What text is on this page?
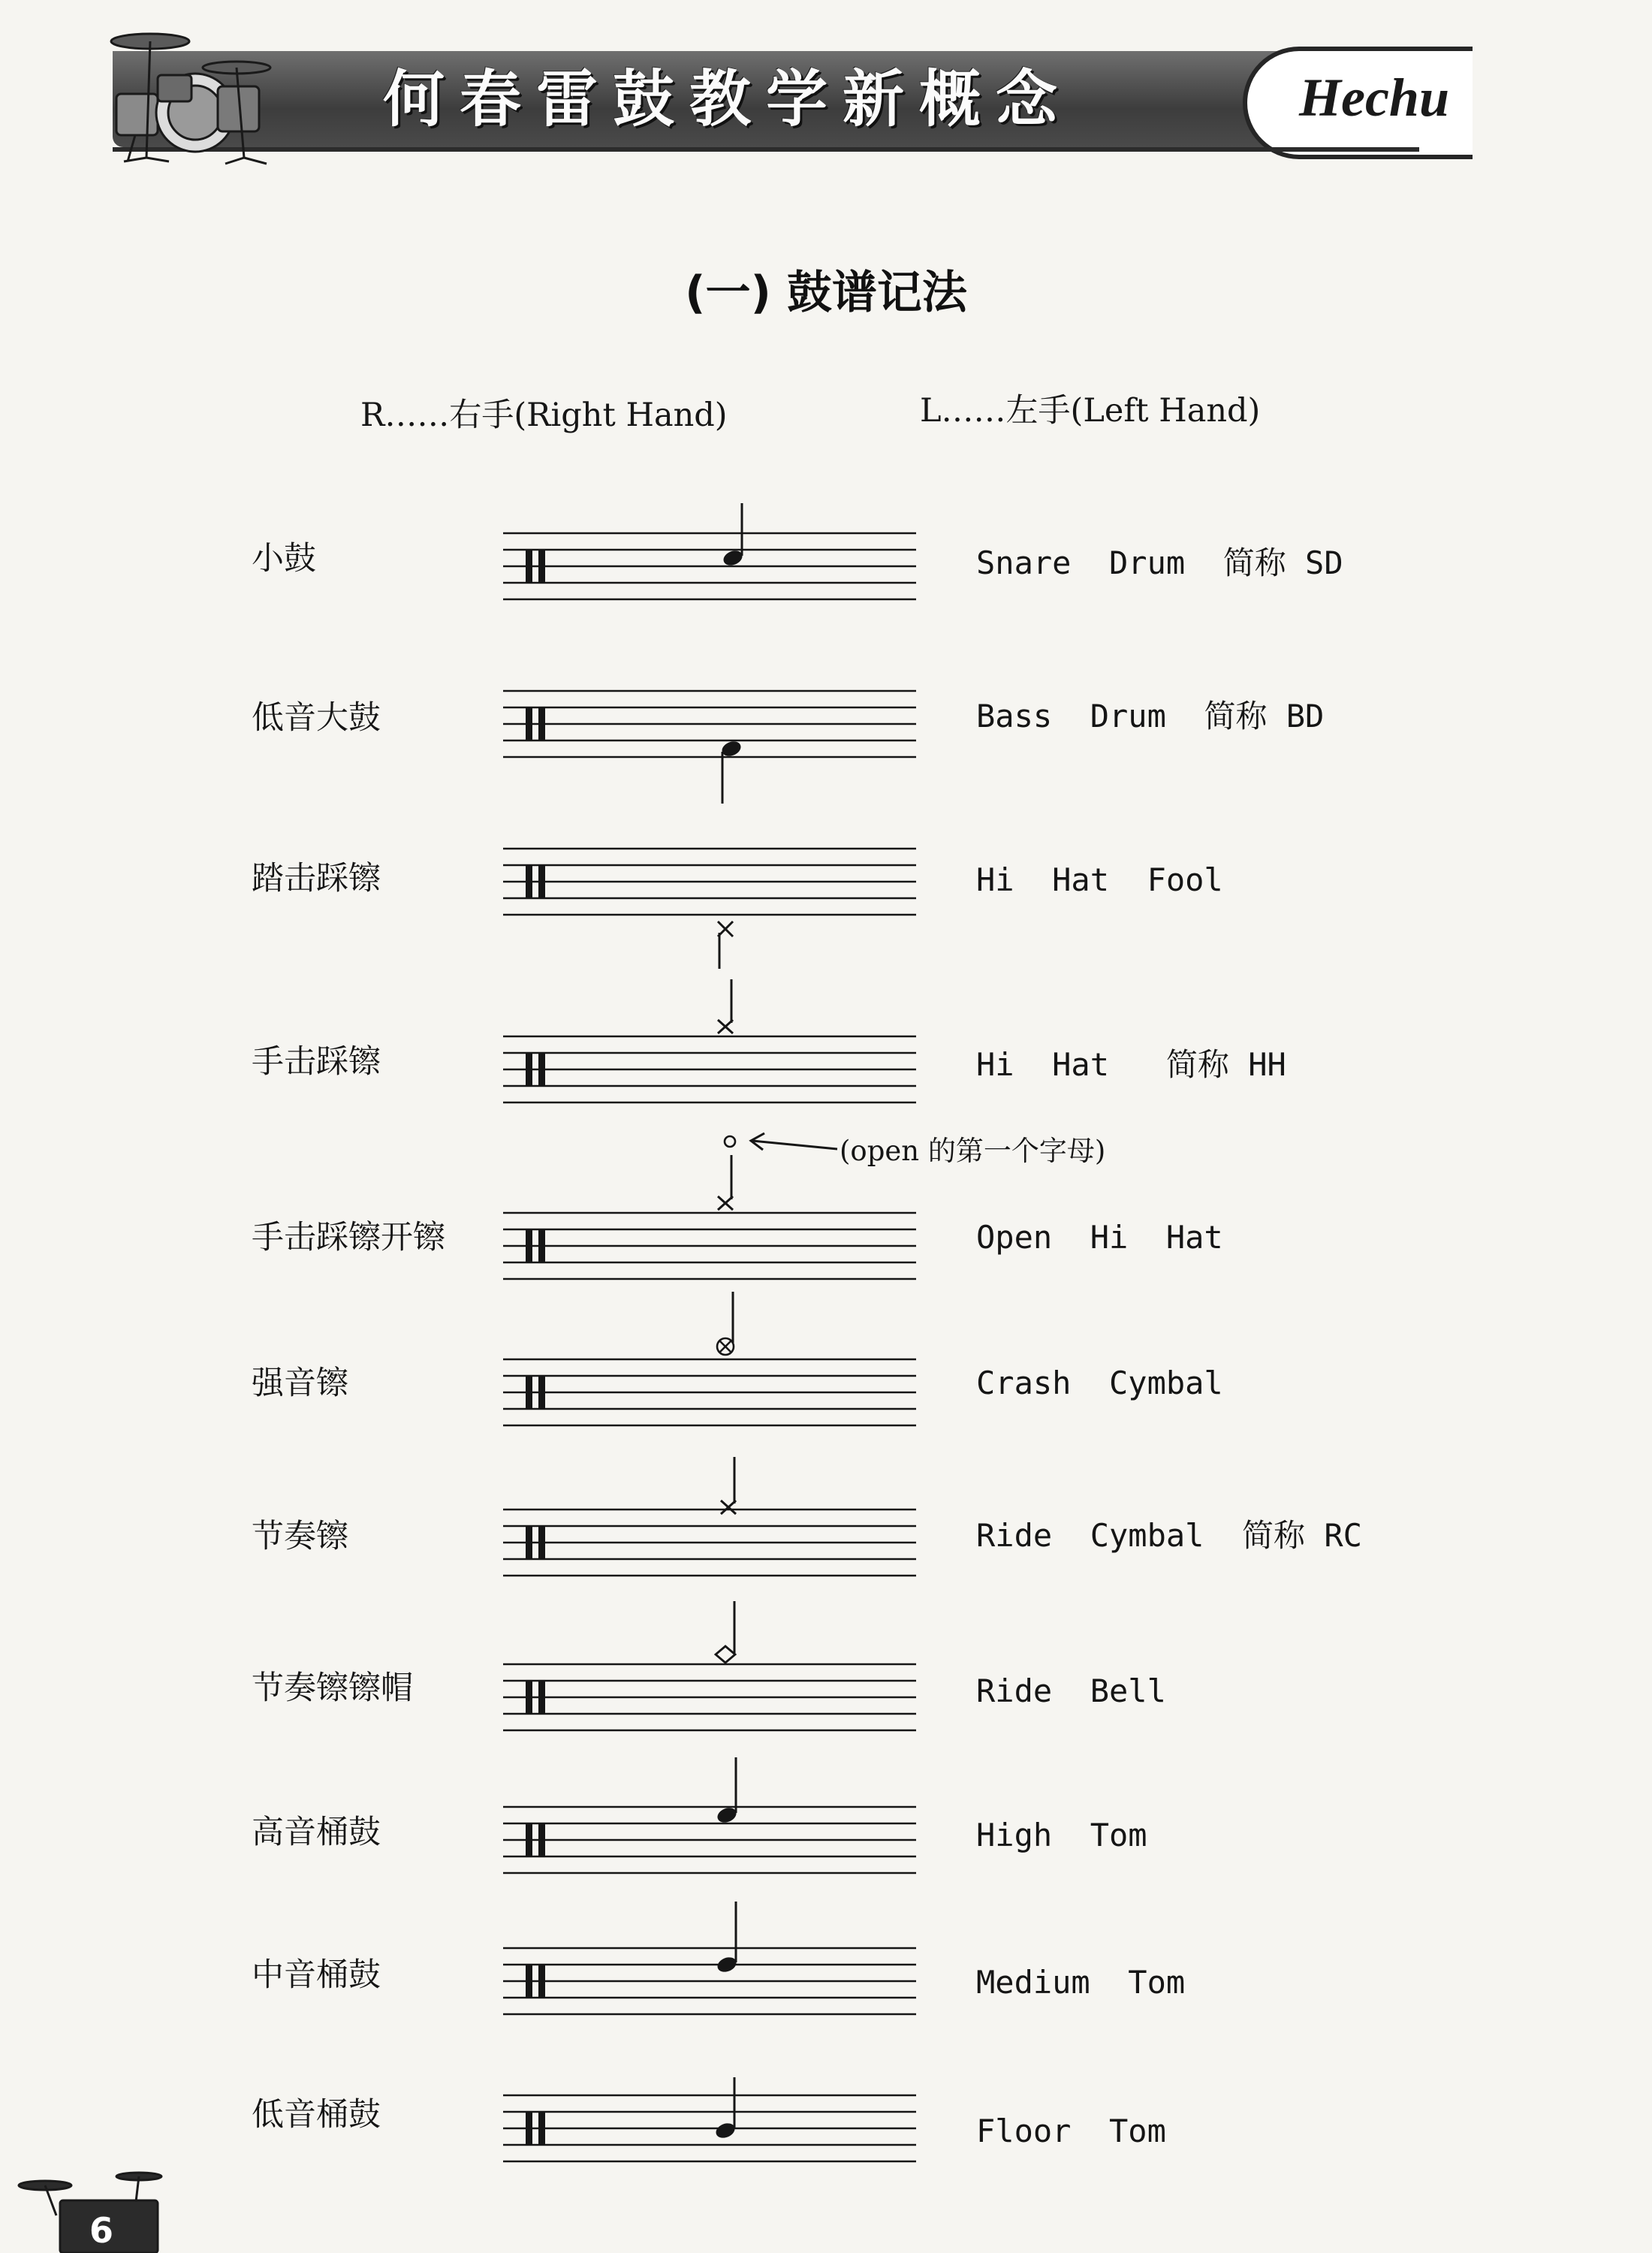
何春雷鼓教学新概念	Hechu
(一) 鼓谱记法
R……右手(Right Hand)	L……左手(Left Hand)
小鼓	Snare  Drum 简称 SD
低音大鼓	Bass  Drum 简称 BD
踏击踩镲	Hi  Hat  Fool
手击踩镲	Hi  Hat 简称 HH
(open 的第一个字母)
手击踩镲开镲	Open  Hi  Hat
强音镲	Crash  Cymbal
节奏镲	Ride  Cymbal 简称 RC
节奏镲镲帽	Ride  Bell
高音桶鼓	High  Tom
中音桶鼓	Medium  Tom
低音桶鼓	Floor  Tom
6
